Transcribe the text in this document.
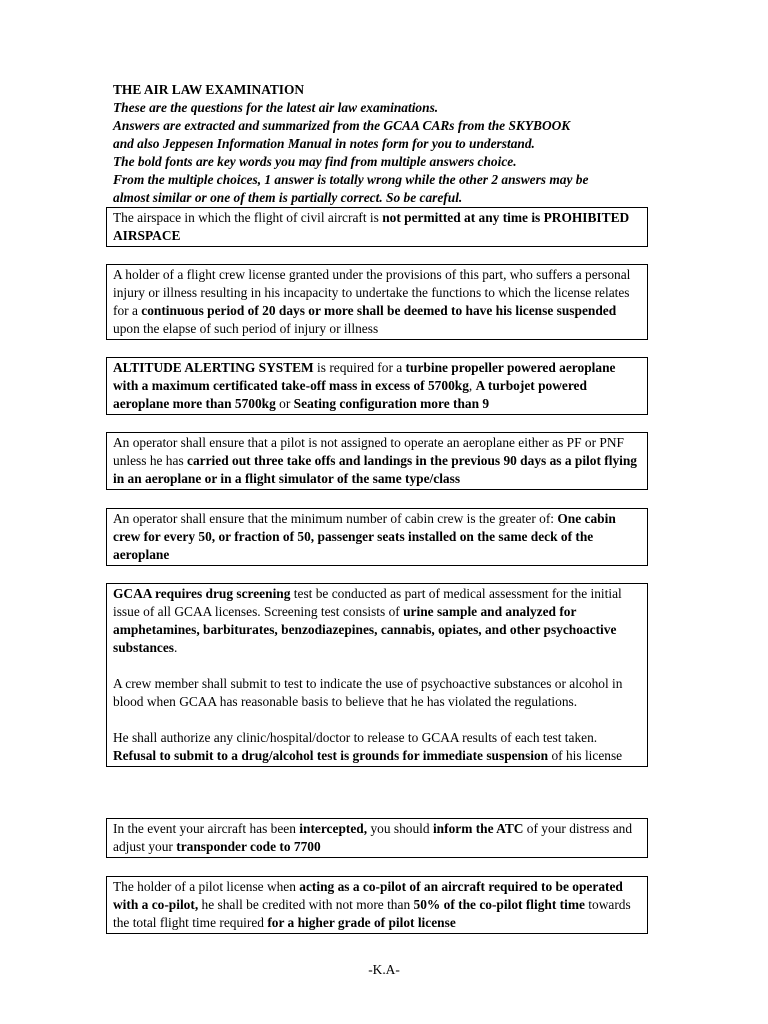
THE AIR LAW EXAMINATION
These are the questions for the latest air law examinations.
Answers are extracted and summarized from the GCAA CARs from the SKYBOOK
and also Jeppesen Information Manual in notes form for you to understand.
The bold fonts are key words you may find from multiple answers choice.
From the multiple choices, 1 answer is totally wrong while the other 2 answers may be
almost similar or one of them is partially correct. So be careful.

The airspace in which the flight of civil aircraft is not permitted at any time is PROHIBITED AIRSPACE

A holder of a flight crew license granted under the provisions of this part, who suffers a personal injury or illness resulting in his incapacity to undertake the functions to which the license relates for a continuous period of 20 days or more shall be deemed to have his license suspended upon the elapse of such period of injury or illness

ALTITUDE ALERTING SYSTEM is required for a turbine propeller powered aeroplane with a maximum certificated take-off mass in excess of 5700kg, A turbojet powered aeroplane more than 5700kg or Seating configuration more than 9

An operator shall ensure that a pilot is not assigned to operate an aeroplane either as PF or PNF unless he has carried out three take offs and landings in the previous 90 days as a pilot flying in an aeroplane or in a flight simulator of the same type/class

An operator shall ensure that the minimum number of cabin crew is the greater of: One cabin crew for every 50, or fraction of 50, passenger seats installed on the same deck of the aeroplane

GCAA requires drug screening test be conducted as part of medical assessment for the initial issue of all GCAA licenses. Screening test consists of urine sample and analyzed for amphetamines, barbiturates, benzodiazepines, cannabis, opiates, and other psychoactive substances.

A crew member shall submit to test to indicate the use of psychoactive substances or alcohol in blood when GCAA has reasonable basis to believe that he has violated the regulations.

He shall authorize any clinic/hospital/doctor to release to GCAA results of each test taken. Refusal to submit to a drug/alcohol test is grounds for immediate suspension of his license

In the event your aircraft has been intercepted, you should inform the ATC of your distress and adjust your transponder code to 7700

The holder of a pilot license when acting as a co-pilot of an aircraft required to be operated with a co-pilot, he shall be credited with not more than 50% of the co-pilot flight time towards the total flight time required for a higher grade of pilot license

-K.A-
